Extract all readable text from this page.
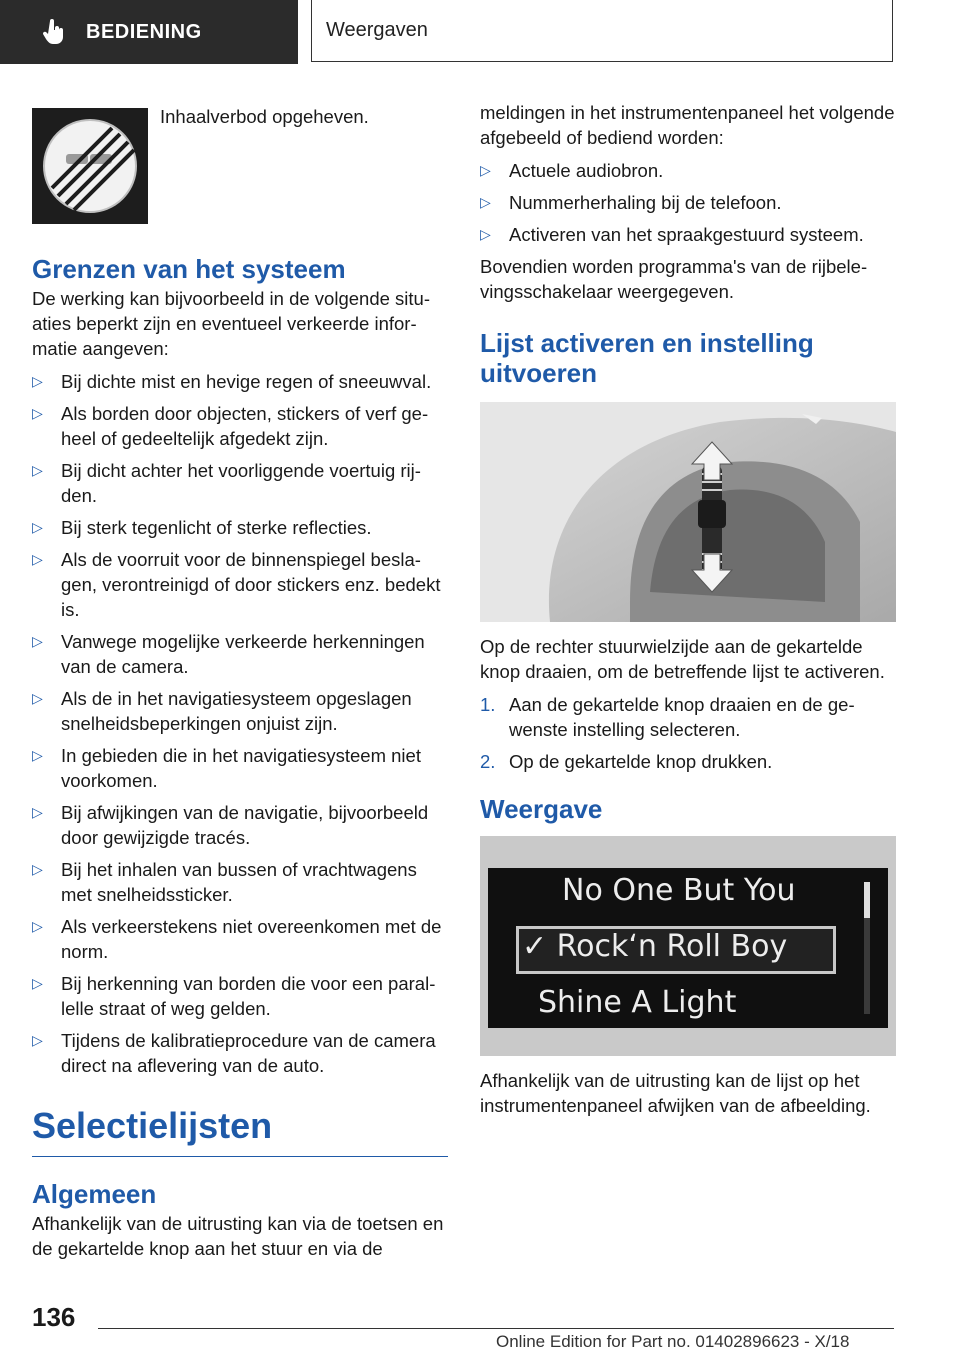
BEDIENING	Weergaven
Inhaalverbod opgeheven.
Grenzen van het systeem

De werking kan bijvoorbeeld in de volgende situaties beperkt zijn en eventueel verkeerde informatie aangeven:

▷ Bij dichte mist en hevige regen of sneeuwval.
▷ Als borden door objecten, stickers of verf geheel of gedeeltelijk afgedekt zijn.
▷ Bij dicht achter het voorliggende voertuig rijden.
▷ Bij sterk tegenlicht of sterke reflecties.
▷ Als de voorruit voor de binnenspiegel beslagen, verontreinigd of door stickers enz. bedekt is.
▷ Vanwege mogelijke verkeerde herkenningen van de camera.
▷ Als de in het navigatiesysteem opgeslagen snelheidsbeperkingen onjuist zijn.
▷ In gebieden die in het navigatiesysteem niet voorkomen.
▷ Bij afwijkingen van de navigatie, bijvoorbeeld door gewijzigde tracés.
▷ Bij het inhalen van bussen of vrachtwagens met snelheidssticker.
▷ Als verkeerstekens niet overeenkomen met de norm.
▷ Bij herkenning van borden die voor een parallelle straat of weg gelden.
▷ Tijdens de kalibratieprocedure van de camera direct na aflevering van de auto.
Selectielijsten
Algemeen

Afhankelijk van de uitrusting kan via de toetsen en de gekartelde knop aan het stuur en via de

meldingen in het instrumentenpaneel het volgende afgebeeld of bediend worden:

▷ Actuele audiobron.
▷ Nummerherhaling bij de telefoon.
▷ Activeren van het spraakgestuurd systeem.

Bovendien worden programma's van de rijbelevingsschakelaar weergegeven.

Lijst activeren en instelling uitvoeren

Op de rechter stuurwielzijde aan de gekartelde knop draaien, om de betreffende lijst te activeren.

1. Aan de gekartelde knop draaien en de gewenste instelling selecteren.
2. Op de gekartelde knop drukken.
Weergave
No One But You
✓ Rock‘n Roll Boy
Shine A Light

Afhankelijk van de uitrusting kan de lijst op het instrumentenpaneel afwijken van de afbeelding.

136
Online Edition for Part no. 01402896623 - X/18
